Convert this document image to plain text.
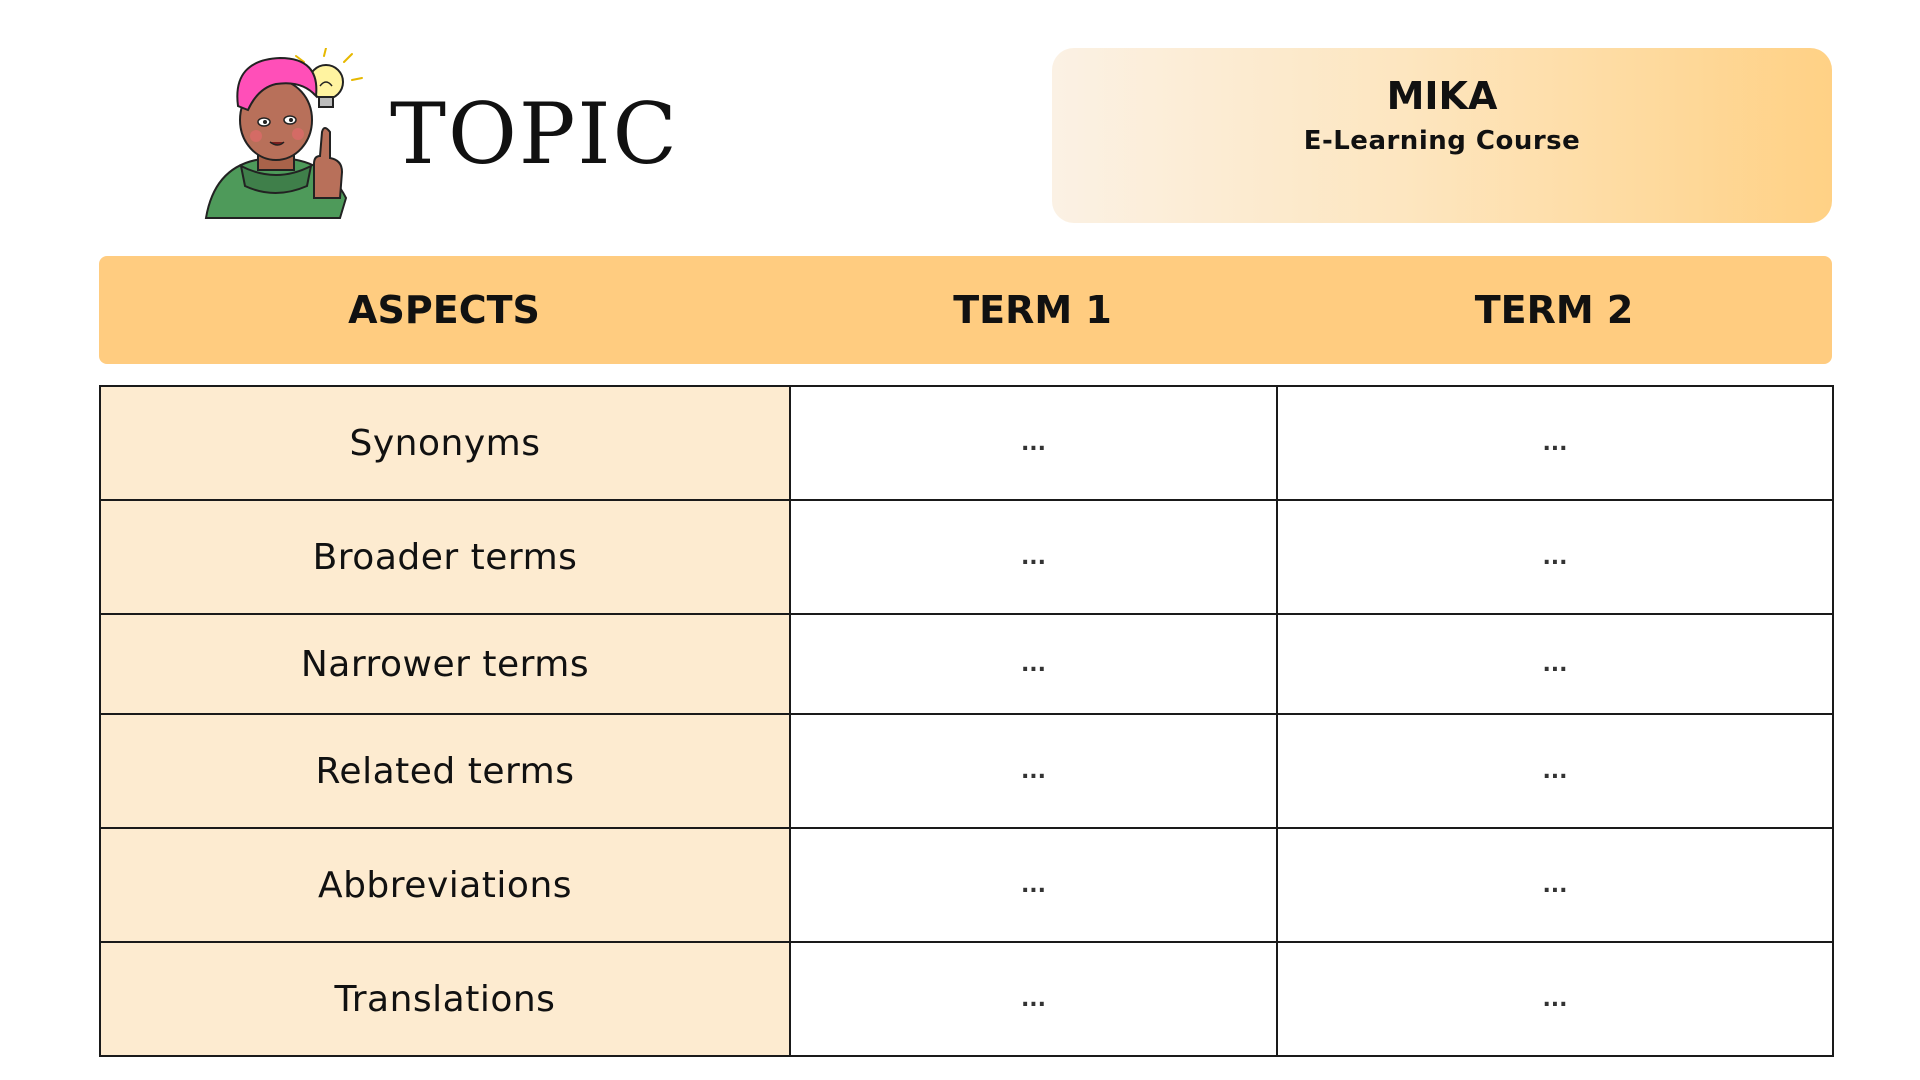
TOPIC	MIKA
E-Learning Course
ASPECTS	TERM 1	TERM 2
Synonyms	...	...
Broader terms	...	...
Narrower terms	...	...
Related terms	...	...
Abbreviations	...	...
Translations	...	...
